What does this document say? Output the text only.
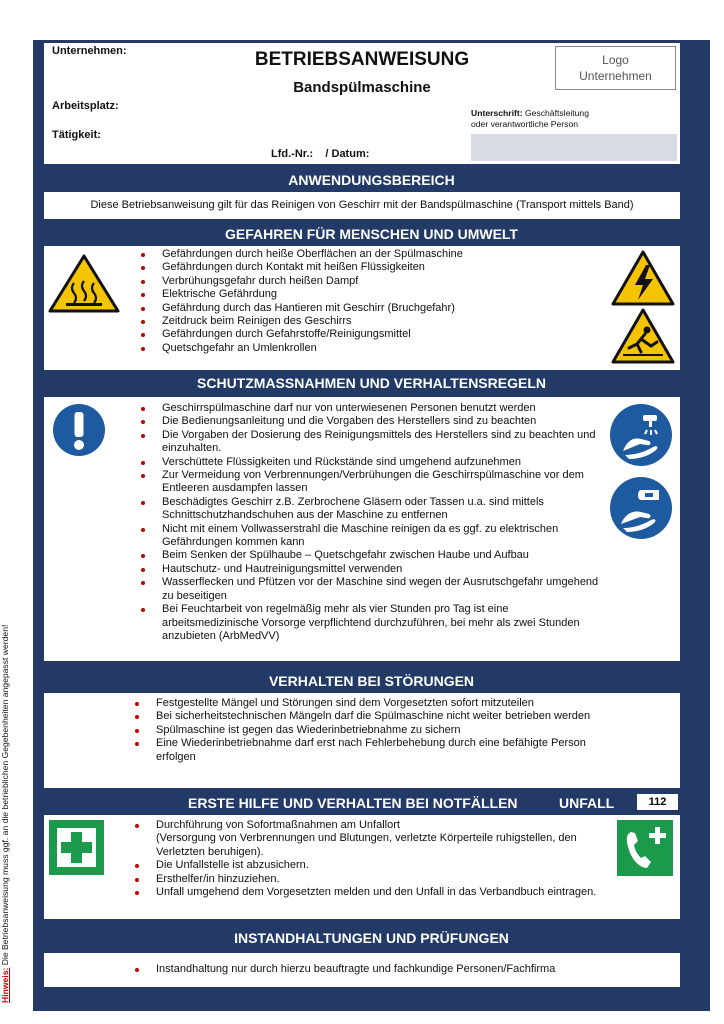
Hinweis: Die Betriebsanweisung muss ggf. an die betrieblichen Gegebenheiten angepasst werden!
Unternehmen:	BETRIEBSANWEISUNG
Bandspülmaschine
Arbeitsplatz:
Tätigkeit:
Lfd.-Nr.:    / Datum:
Logo
Unternehmen
Unterschrift: Geschäftsleitung
oder verantwortliche Person
ANWENDUNGSBEREICH
Diese Betriebsanweisung gilt für das Reinigen von Geschirr mit der Bandspülmaschine (Transport mittels Band)
GEFAHREN FÜR MENSCHEN UND UMWELT
Gefährdungen durch heiße Oberflächen an der Spülmaschine
Gefährdungen durch Kontakt mit heißen Flüssigkeiten
Verbrühungsgefahr durch heißen Dampf
Elektrische Gefährdung
Gefährdung durch das Hantieren mit Geschirr (Bruchgefahr)
Zeitdruck beim Reinigen des Geschirrs
Gefährdungen durch Gefahrstoffe/Reinigungsmittel
Quetschgefahr an Umlenkrollen
SCHUTZMASSNAHMEN UND VERHALTENSREGELN
Geschirrspülmaschine darf nur von unterwiesenen Personen benutzt werden
Die Bedienungsanleitung und die Vorgaben des Herstellers sind zu beachten
Die Vorgaben der Dosierung des Reinigungsmittels des Herstellers sind zu beachten und einzuhalten.
Verschüttete Flüssigkeiten und Rückstände sind umgehend aufzunehmen
Zur Vermeidung von Verbrennungen/Verbrühungen die Geschirrspülmaschine vor dem Entleeren ausdampfen lassen
Beschädigtes Geschirr z.B. Zerbrochene Gläsern oder Tassen u.a. sind mittels Schnittschutzhandschuhen aus der Maschine zu entfernen
Nicht mit einem Vollwasserstrahl die Maschine reinigen da es ggf. zu elektrischen Gefährdungen kommen kann
Beim Senken der Spülhaube – Quetschgefahr zwischen Haube und Aufbau
Hautschutz- und Hautreinigungsmittel verwenden
Wasserflecken und Pfützen vor der Maschine sind wegen der Ausrutschgefahr umgehend zu beseitigen
Bei Feuchtarbeit von regelmäßig mehr als vier Stunden pro Tag ist eine arbeitsmedizinische Vorsorge verpflichtend durchzuführen, bei mehr als zwei Stunden anzubieten (ArbMedVV)
VERHALTEN BEI STÖRUNGEN
Festgestellte Mängel und Störungen sind dem Vorgesetzten sofort mitzuteilen
Bei sicherheitstechnischen Mängeln darf die Spülmaschine nicht weiter betrieben werden
Spülmaschine ist gegen das Wiederinbetriebnahme zu sichern
Eine Wiederinbetriebnahme darf erst nach Fehlerbehebung durch eine befähigte Person erfolgen
ERSTE HILFE UND VERHALTEN BEI NOTFÄLLEN	UNFALL	112
Durchführung von Sofortmaßnahmen am Unfallort
(Versorgung von Verbrennungen und Blutungen, verletzte Körperteile ruhigstellen, den Verletzten beruhigen).
Die Unfallstelle ist abzusichern.
Ersthelfer/in hinzuziehen.
Unfall umgehend dem Vorgesetzten melden und den Unfall in das Verbandbuch eintragen.
INSTANDHALTUNGEN UND PRÜFUNGEN
Instandhaltung nur durch hierzu beauftragte und fachkundige Personen/Fachfirma
